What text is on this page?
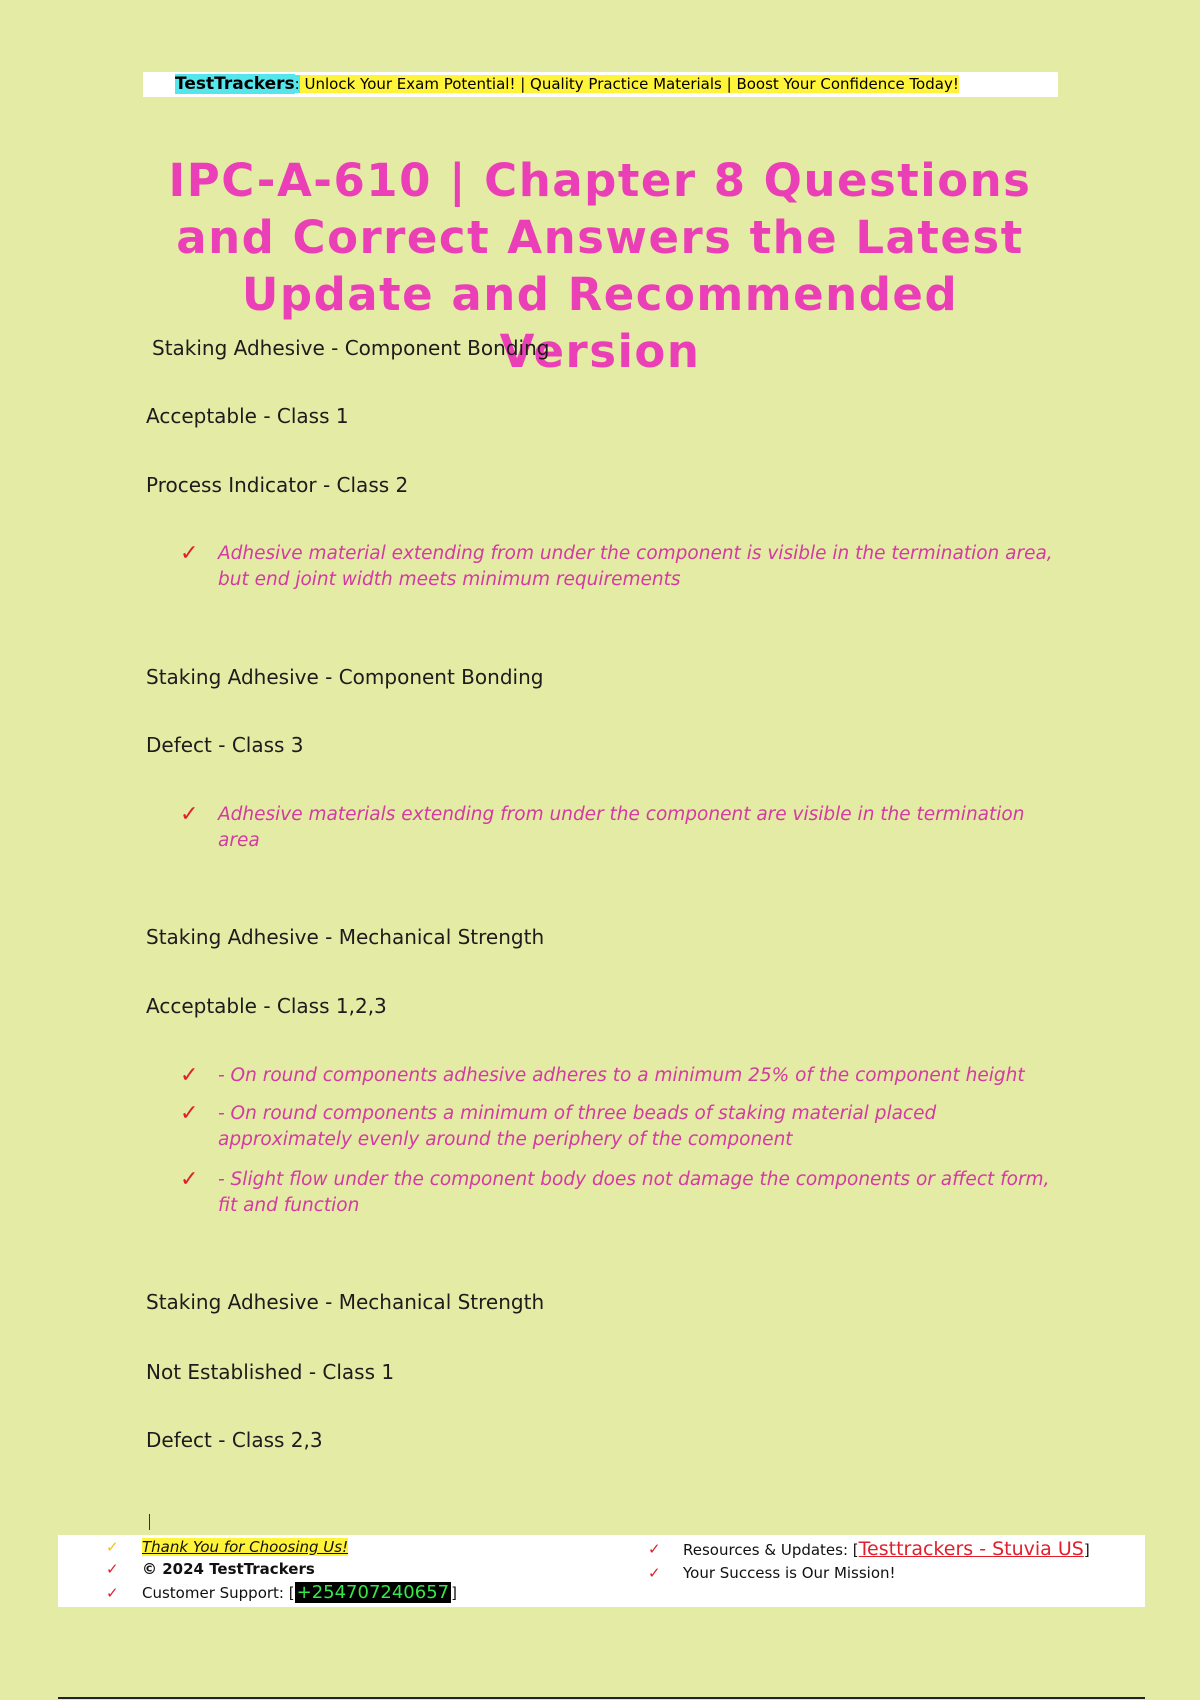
TestTrackers: Unlock Your Exam Potential! | Quality Practice Materials | Boost Your Confidence Today!
IPC-A-610 | Chapter 8 Questions and Correct Answers the Latest Update and Recommended Version
Staking Adhesive - Component Bonding
Acceptable - Class 1
Process Indicator - Class 2
✓ Adhesive material extending from under the component is visible in the termination area, but end joint width meets minimum requirements
Staking Adhesive - Component Bonding
Defect - Class 3
✓ Adhesive materials extending from under the component are visible in the termination area
Staking Adhesive - Mechanical Strength
Acceptable - Class 1,2,3
✓ - On round components adhesive adheres to a minimum 25% of the component height
✓ - On round components a minimum of three beads of staking material placed approximately evenly around the periphery of the component
✓ - Slight flow under the component body does not damage the components or affect form, fit and function
Staking Adhesive - Mechanical Strength
Not Established - Class 1
Defect - Class 2,3
✓ Thank You for Choosing Us!
✓ © 2024 TestTrackers
✓ Customer Support: [ +254707240657 ]
✓ Resources & Updates: [Testtrackers - Stuvia US]
✓ Your Success is Our Mission!
